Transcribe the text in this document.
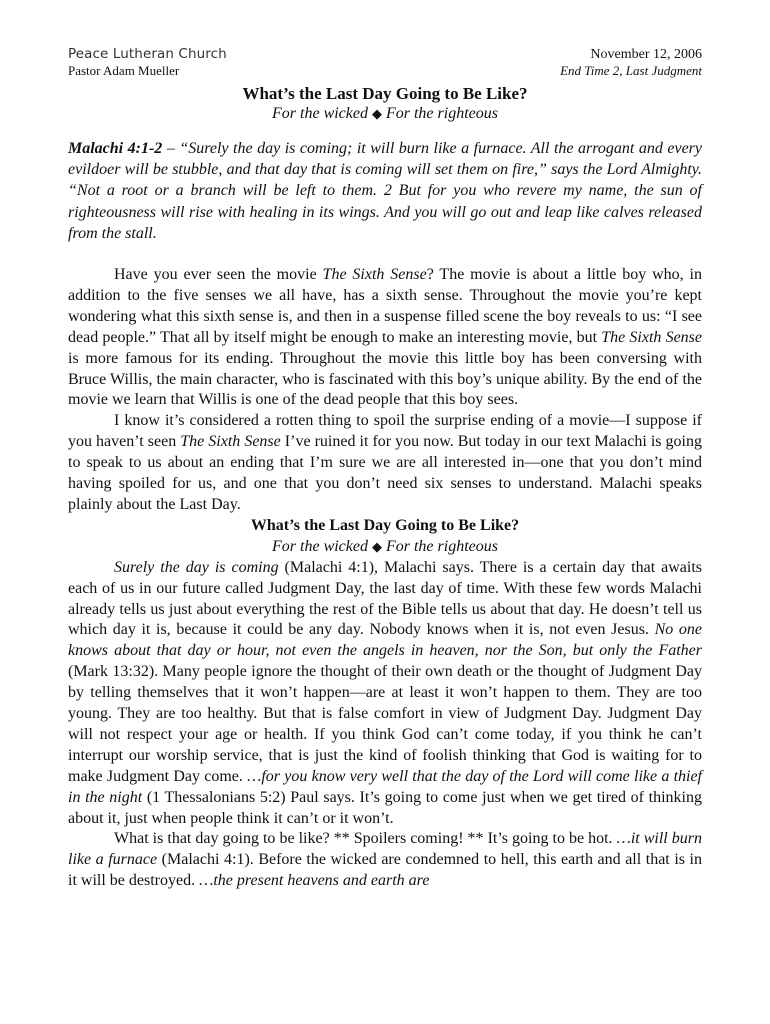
Peace Lutheran Church	November 12, 2006
Pastor Adam Mueller	End Time 2, Last Judgment
What’s the Last Day Going to Be Like?
For the wicked ◆ For the righteous
Malachi 4:1-2 – “Surely the day is coming; it will burn like a furnace. All the arrogant and every evildoer will be stubble, and that day that is coming will set them on fire,” says the Lord Almighty. “Not a root or a branch will be left to them. 2 But for you who revere my name, the sun of righteousness will rise with healing in its wings. And you will go out and leap like calves released from the stall.

Have you ever seen the movie The Sixth Sense? The movie is about a little boy who, in addition to the five senses we all have, has a sixth sense. Throughout the movie you’re kept wondering what this sixth sense is, and then in a suspense filled scene the boy reveals to us: “I see dead people.” That all by itself might be enough to make an interesting movie, but The Sixth Sense is more famous for its ending. Throughout the movie this little boy has been conversing with Bruce Willis, the main character, who is fascinated with this boy’s unique ability. By the end of the movie we learn that Willis is one of the dead people that this boy sees.

I know it’s considered a rotten thing to spoil the surprise ending of a movie—I suppose if you haven’t seen The Sixth Sense I’ve ruined it for you now. But today in our text Malachi is going to speak to us about an ending that I’m sure we are all interested in—one that you don’t mind having spoiled for us, and one that you don’t need six senses to understand. Malachi speaks plainly about the Last Day.

What’s the Last Day Going to Be Like?

For the wicked ◆ For the righteous

Surely the day is coming (Malachi 4:1), Malachi says. There is a certain day that awaits each of us in our future called Judgment Day, the last day of time. With these few words Malachi already tells us just about everything the rest of the Bible tells us about that day. He doesn’t tell us which day it is, because it could be any day. Nobody knows when it is, not even Jesus. No one knows about that day or hour, not even the angels in heaven, nor the Son, but only the Father (Mark 13:32). Many people ignore the thought of their own death or the thought of Judgment Day by telling themselves that it won’t happen—are at least it won’t happen to them. They are too young. They are too healthy. But that is false comfort in view of Judgment Day. Judgment Day will not respect your age or health. If you think God can’t come today, if you think he can’t interrupt our worship service, that is just the kind of foolish thinking that God is waiting for to make Judgment Day come. …for you know very well that the day of the Lord will come like a thief in the night (1 Thessalonians 5:2) Paul says. It’s going to come just when we get tired of thinking about it, just when people think it can’t or it won’t.

What is that day going to be like? ** Spoilers coming! ** It’s going to be hot. …it will burn like a furnace (Malachi 4:1). Before the wicked are condemned to hell, this earth and all that is in it will be destroyed. …the present heavens and earth are
